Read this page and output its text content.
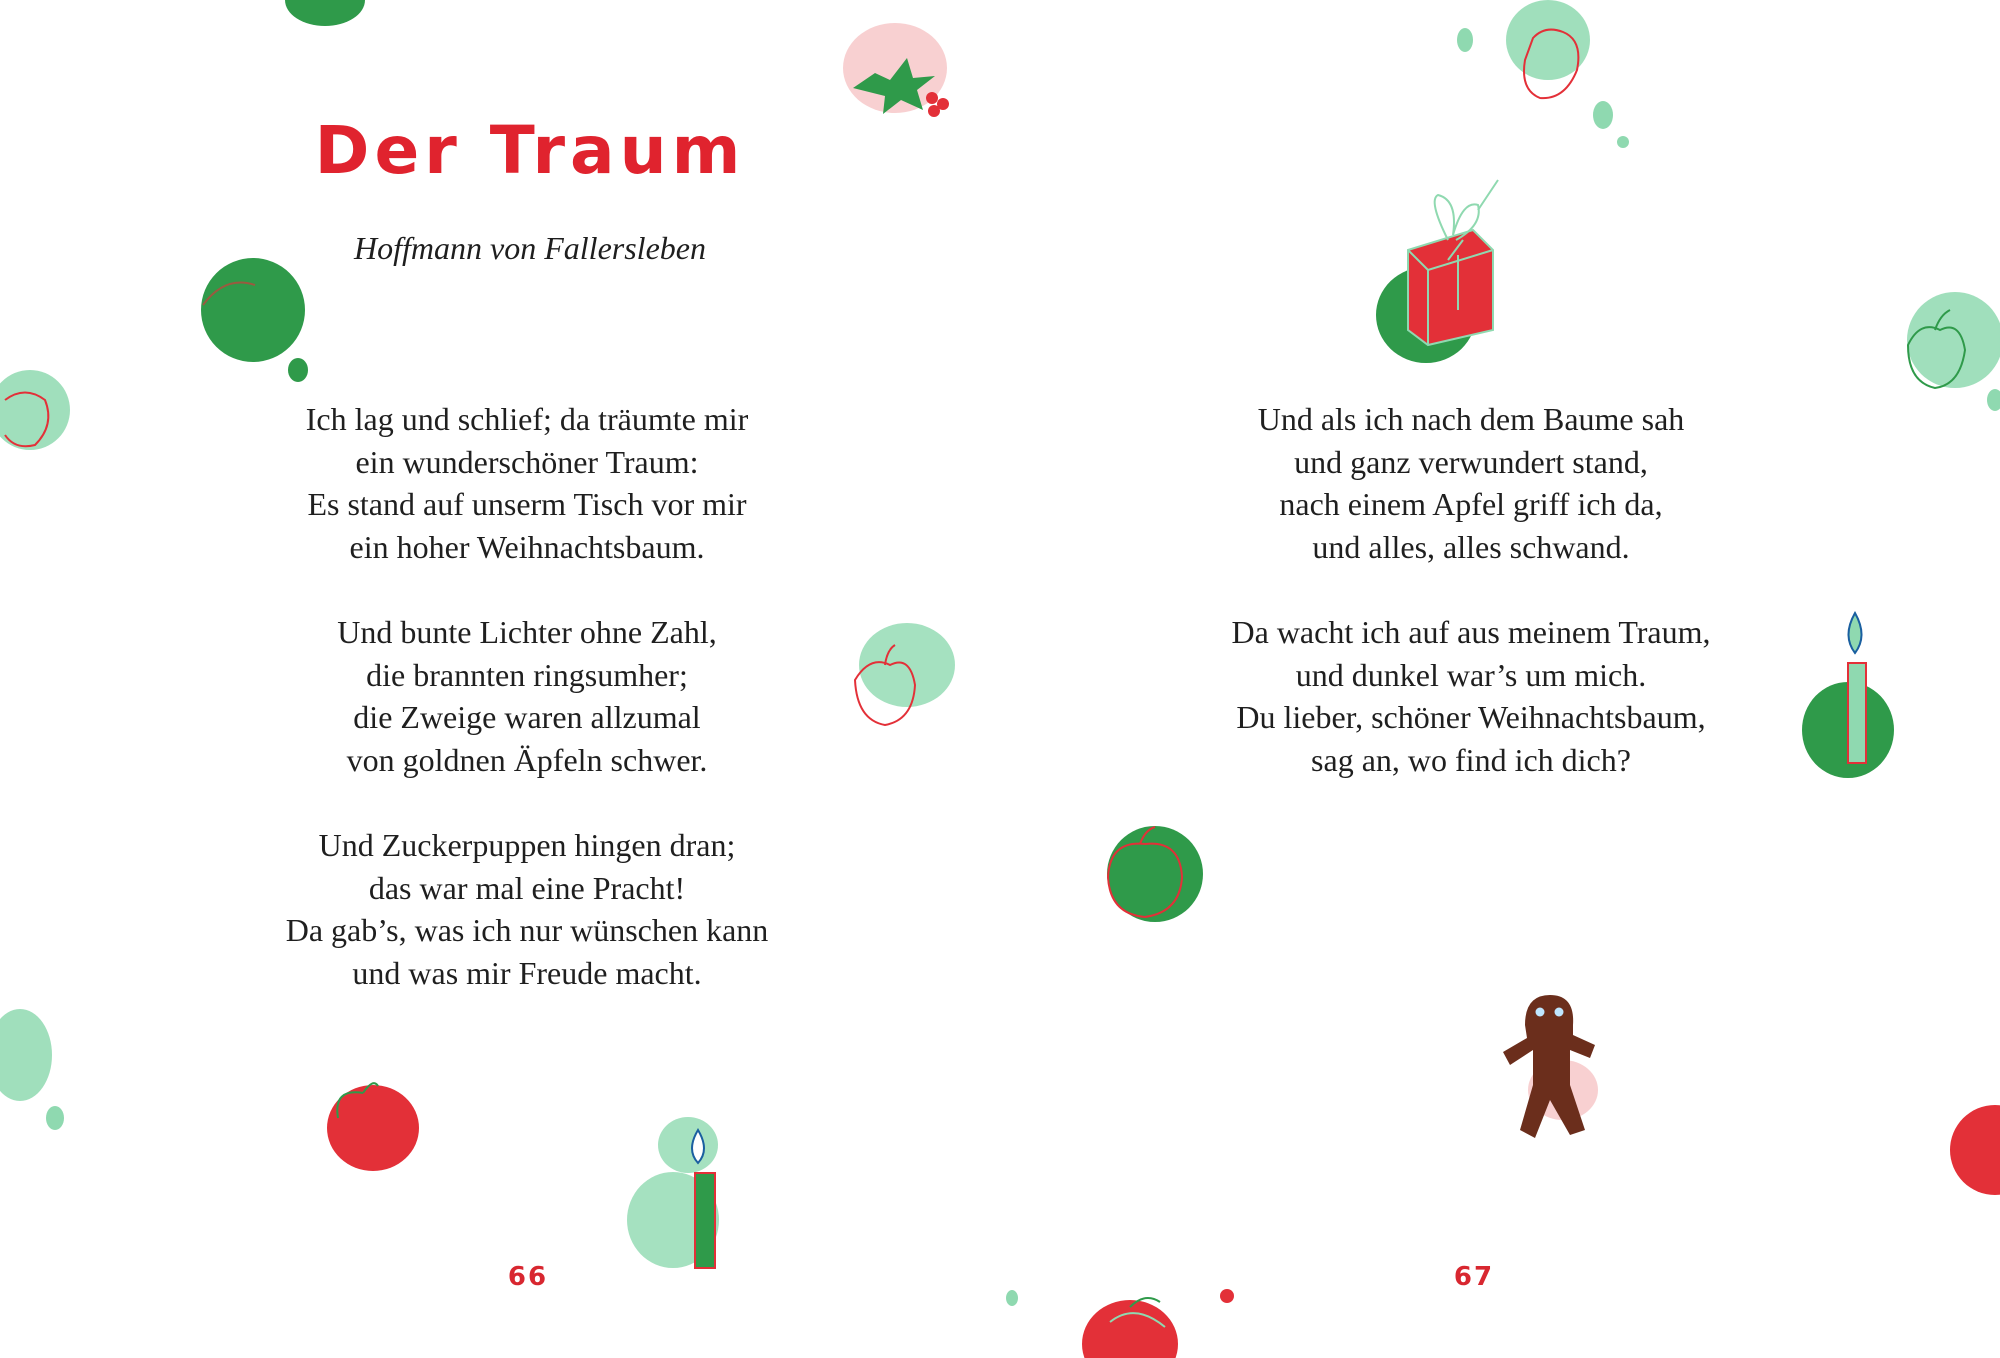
Der Traum
Hoffmann von Fallersleben
Ich lag und schlief; da träumte mir
ein wunderschöner Traum:
Es stand auf unserm Tisch vor mir
ein hoher Weihnachtsbaum.
Und bunte Lichter ohne Zahl,
die brannten ringsumher;
die Zweige waren allzumal
von goldnen Äpfeln schwer.
Und Zuckerpuppen hingen dran;
das war mal eine Pracht!
Da gab’s, was ich nur wünschen kann
und was mir Freude macht.
66
Und als ich nach dem Baume sah
und ganz verwundert stand,
nach einem Apfel griff ich da,
und alles, alles schwand.
Da wacht ich auf aus meinem Traum,
und dunkel war’s um mich.
Du lieber, schöner Weihnachtsbaum,
sag an, wo find ich dich?
67
